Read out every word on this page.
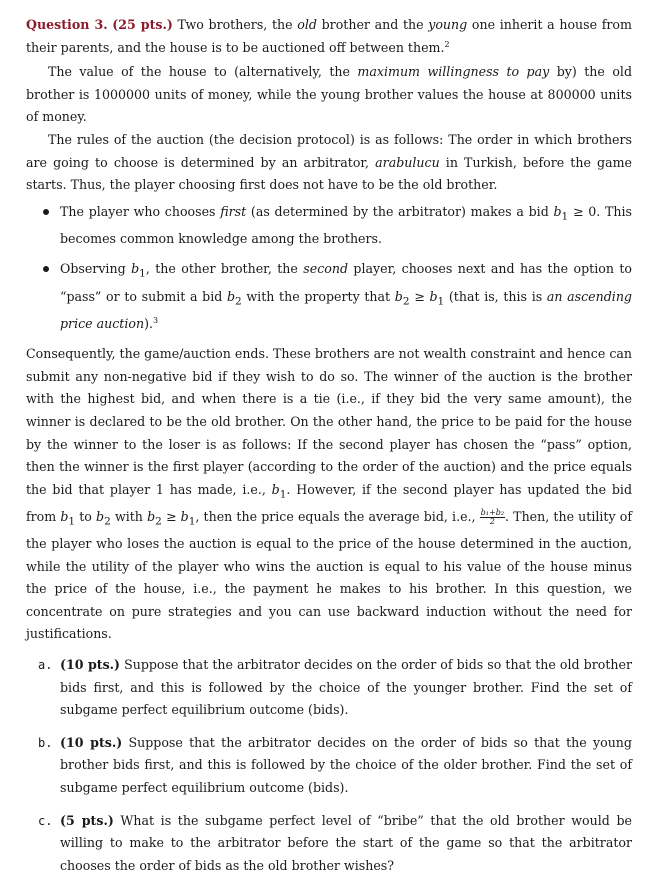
Question 3. (25 pts.) Two brothers, the old brother and the young one inherit a house from their parents, and the house is to be auctioned off between them.$^2$

The value of the house to (alternatively, the maximum willingness to pay by) the old brother is 1000000 units of money, while the young brother values the house at 800000 units of money.

The rules of the auction (the decision protocol) is as follows: The order in which brothers are going to choose is determined by an arbitrator, arabulucu in Turkish, before the game starts. Thus, the player choosing first does not have to be the old brother.

The player who chooses first (as determined by the arbitrator) makes a bid $b_1 \ge 0$. This becomes common knowledge among the brothers.

Observing $b_1$, the other brother, the second player, chooses next and has the option to “pass” or to submit a bid $b_2$ with the property that $b_2 \ge b_1$ (that is, this is an ascending price auction).$^3$

Consequently, the game/auction ends. These brothers are not wealth constraint and hence can submit any non-negative bid if they wish to do so. The winner of the auction is the brother with the highest bid, and when there is a tie (i.e., if they bid the very same amount), the winner is declared to be the old brother. On the other hand, the price to be paid for the house by the winner to the loser is as follows: If the second player has chosen the “pass” option, then the winner is the first player (according to the order of the auction) and the price equals the bid that player 1 has made, i.e., $b_1$. However, if the second player has updated the bid from $b_1$ to $b_2$ with $b_2 \ge b_1$, then the price equals the average bid, i.e., $\frac{\text{b₁+b₂}}{2}$ . Then, the utility of the player who loses the auction is equal to the price of the house determined in the auction, while the utility of the player who wins the auction is equal to his value of the house minus the price of the house, i.e., the payment he makes to his brother. In this question, we concentrate on pure strategies and you can use backward induction without the need for justifications.

a. (10 pts.) Suppose that the arbitrator decides on the order of bids so that the old brother bids first, and this is followed by the choice of the younger brother. Find the set of subgame perfect equilibrium outcome (bids).

b. (10 pts.) Suppose that the arbitrator decides on the order of bids so that the young brother bids first, and this is followed by the choice of the older brother. Find the set of subgame perfect equilibrium outcome (bids).

c. (5 pts.) What is the subgame perfect level of “bribe” that the old brother would be willing to make to the arbitrator before the start of the game so that the arbitrator chooses the order of bids as the old brother wishes?
